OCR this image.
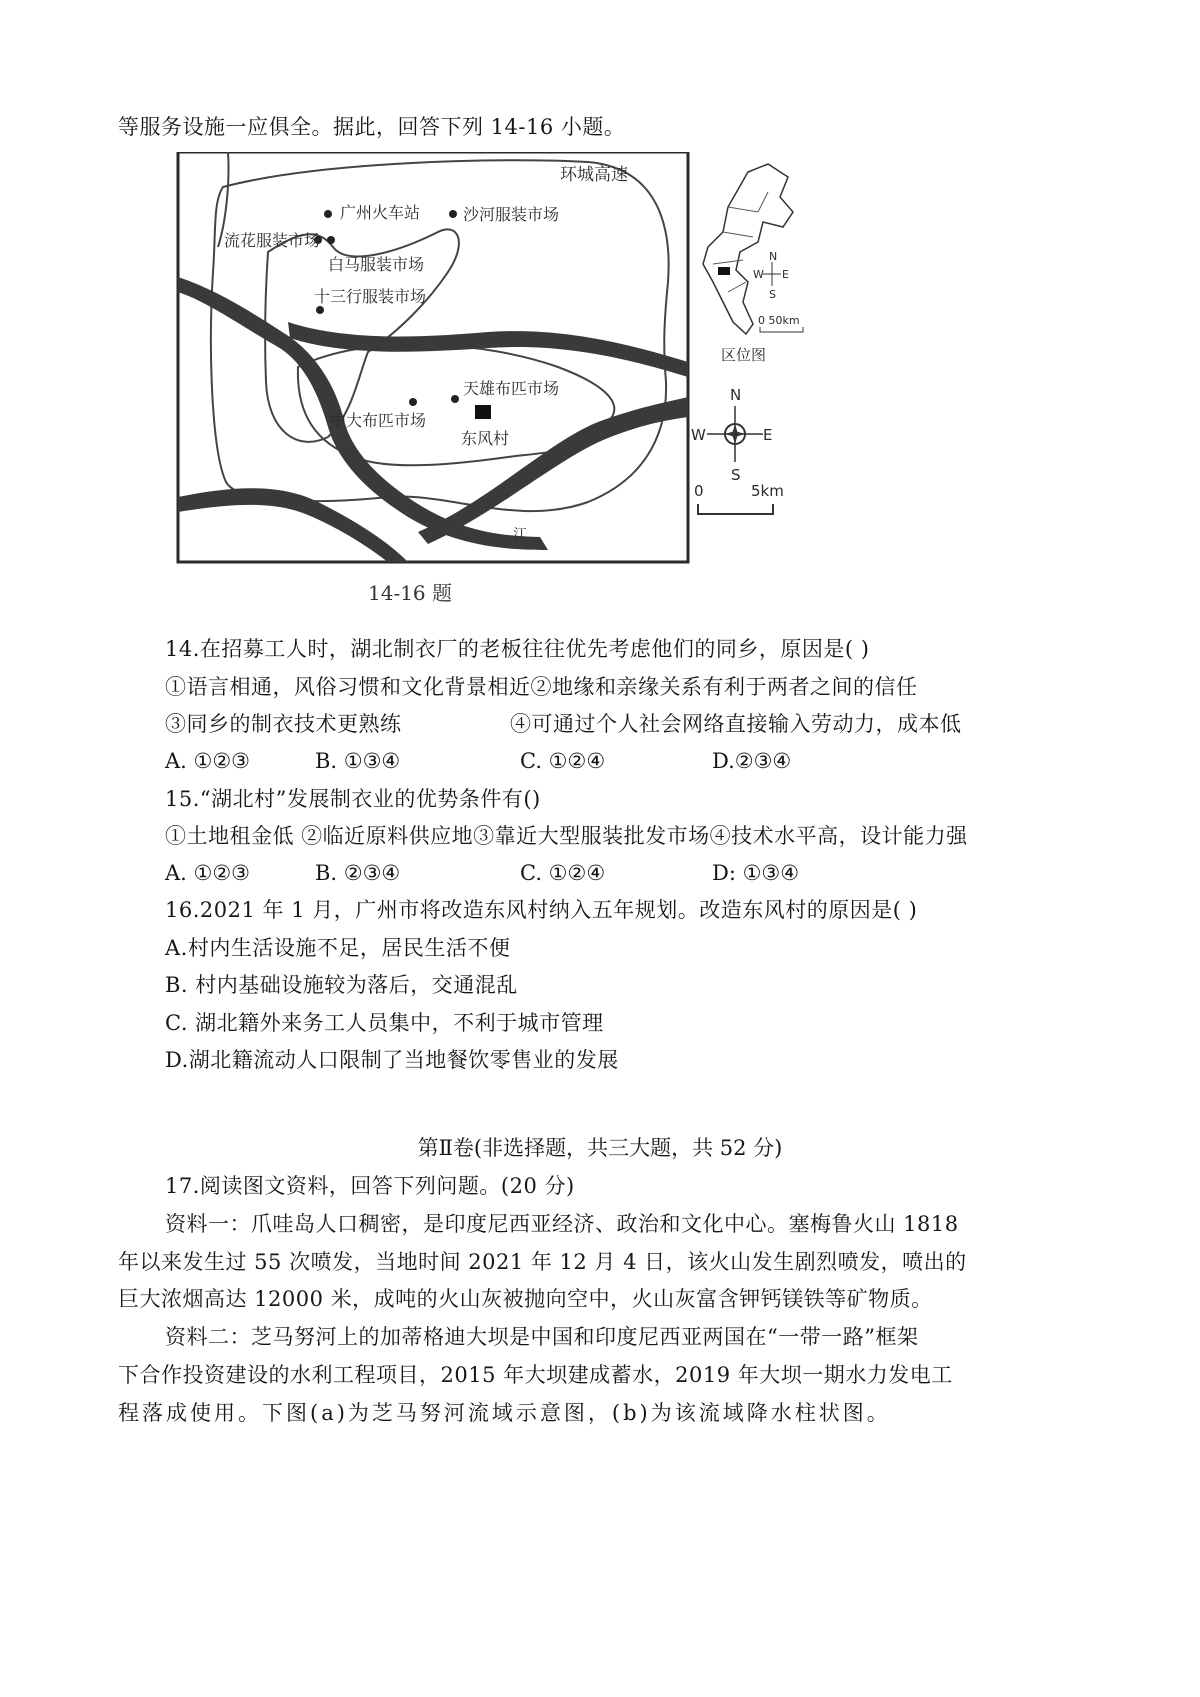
等服务设施一应俱全。据此，回答下列 14-16 小题。
环城高速
广州火车站	沙河服装市场
流花服装市场
白马服装市场
十三行服装市场
天雄布匹市场
中大布匹市场
东风村
江
N
S
W	E
0	5km
N
S
W E
0 50km
区位图
14-16 题
14.在招募工人时，湖北制衣厂的老板往往优先考虑他们的同乡，原因是( )
①语言相通，风俗习惯和文化背景相近②地缘和亲缘关系有利于两者之间的信任
③同乡的制衣技术更熟练	④可通过个人社会网络直接输入劳动力，成本低
A. ①②③	B. ①③④	C. ①②④	D.②③④
15.“湖北村”发展制衣业的优势条件有()
①土地租金低 ②临近原料供应地③靠近大型服装批发市场④技术水平高，设计能力强
A. ①②③	B. ②③④	C. ①②④	D: ①③④
16.2021 年 1 月，广州市将改造东风村纳入五年规划。改造东风村的原因是( )
A.村内生活设施不足，居民生活不便
B. 村内基础设施较为落后，交通混乱
C. 湖北籍外来务工人员集中，不利于城市管理
D.湖北籍流动人口限制了当地餐饮零售业的发展
第Ⅱ卷(非选择题，共三大题，共 52 分)
17.阅读图文资料，回答下列问题。(20 分)
资料一：爪哇岛人口稠密，是印度尼西亚经济、政治和文化中心。塞梅鲁火山 1818
年以来发生过 55 次喷发，当地时间 2021 年 12 月 4 日，该火山发生剧烈喷发，喷出的
巨大浓烟高达 12000 米，成吨的火山灰被抛向空中，火山灰富含钾钙镁铁等矿物质。
资料二：芝马努河上的加蒂格迪大坝是中国和印度尼西亚两国在“一带一路”框架
下合作投资建设的水利工程项目，2015 年大坝建成蓄水，2019 年大坝一期水力发电工
程落成使用。下图(a)为芝马努河流域示意图，(b)为该流域降水柱状图。
